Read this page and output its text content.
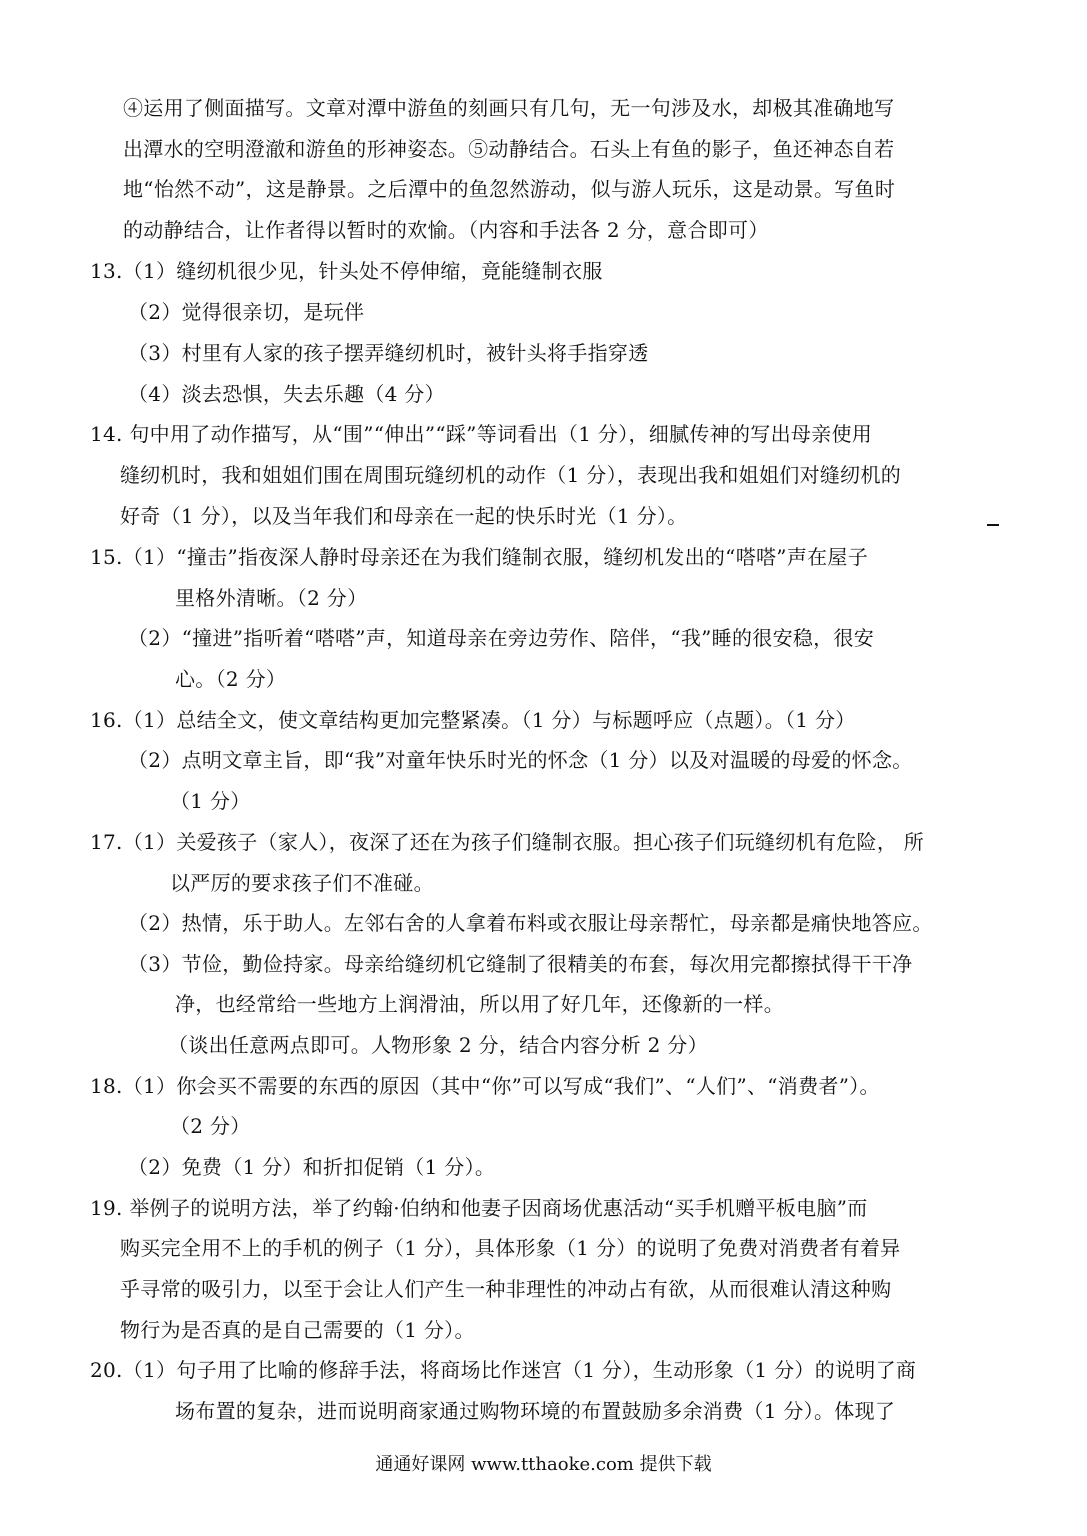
④运用了侧面描写。文章对潭中游鱼的刻画只有几句，无一句涉及水，却极其准确地写
出潭水的空明澄澈和游鱼的形神姿态。⑤动静结合。石头上有鱼的影子，鱼还神态自若
地“怡然不动”，这是静景。之后潭中的鱼忽然游动，似与游人玩乐，这是动景。写鱼时
的动静结合，让作者得以暂时的欢愉。（内容和手法各 2 分，意合即可）
13.（1）缝纫机很少见，针头处不停伸缩，竟能缝制衣服
（2）觉得很亲切，是玩伴
（3）村里有人家的孩子摆弄缝纫机时，被针头将手指穿透
（4）淡去恐惧，失去乐趣（4 分）
14. 句中用了动作描写，从“围”“伸出”“踩”等词看出（1 分），细腻传神的写出母亲使用
缝纫机时，我和姐姐们围在周围玩缝纫机的动作（1 分），表现出我和姐姐们对缝纫机的
好奇（1 分），以及当年我们和母亲在一起的快乐时光（1 分）。
15.（1）“撞击”指夜深人静时母亲还在为我们缝制衣服，缝纫机发出的“嗒嗒”声在屋子
里格外清晰。（2 分）
（2）“撞进”指听着“嗒嗒”声，知道母亲在旁边劳作、陪伴，“我”睡的很安稳，很安
心。（2 分）
16.（1）总结全文，使文章结构更加完整紧凑。（1 分）与标题呼应（点题）。（1 分）
（2）点明文章主旨，即“我”对童年快乐时光的怀念（1 分）以及对温暖的母爱的怀念。
（1 分）
17.（1）关爱孩子（家人），夜深了还在为孩子们缝制衣服。担心孩子们玩缝纫机有危险， 所
以严厉的要求孩子们不准碰。
（2）热情，乐于助人。左邻右舍的人拿着布料或衣服让母亲帮忙，母亲都是痛快地答应。
（3）节俭，勤俭持家。母亲给缝纫机它缝制了很精美的布套，每次用完都擦拭得干干净
净，也经常给一些地方上润滑油，所以用了好几年，还像新的一样。
（谈出任意两点即可。人物形象 2 分，结合内容分析 2 分）
18.（1）你会买不需要的东西的原因（其中“你”可以写成“我们”、“人们”、“消费者”）。
（2 分）
（2）免费（1 分）和折扣促销（1 分）。
19. 举例子的说明方法，举了约翰·伯纳和他妻子因商场优惠活动“买手机赠平板电脑”而
购买完全用不上的手机的例子（1 分），具体形象（1 分）的说明了免费对消费者有着异
乎寻常的吸引力，以至于会让人们产生一种非理性的冲动占有欲，从而很难认清这种购
物行为是否真的是自己需要的（1 分）。
20.（1）句子用了比喻的修辞手法，将商场比作迷宫（1 分），生动形象（1 分）的说明了商
场布置的复杂，进而说明商家通过购物环境的布置鼓励多余消费（1 分）。体现了
通通好课网 www.tthaoke.com 提供下载
